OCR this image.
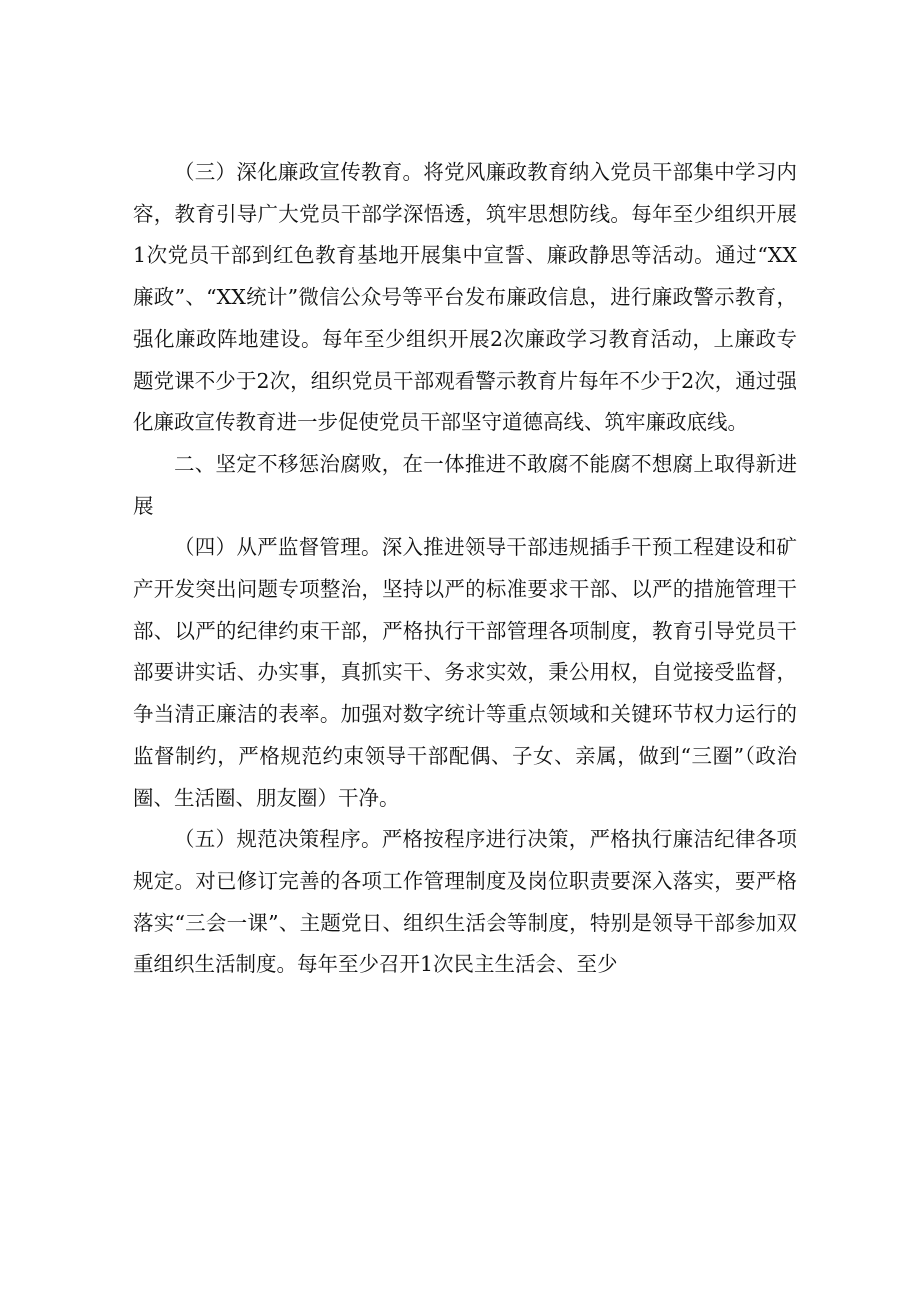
（三）深化廉政宣传教育。将党风廉政教育纳入党员干部集中学习内容，教育引导广大党员干部学深悟透，筑牢思想防线。每年至少组织开展1次党员干部到红色教育基地开展集中宣誓、廉政静思等活动。通过“XX廉政”、“XX统计”微信公众号等平台发布廉政信息，进行廉政警示教育，强化廉政阵地建设。每年至少组织开展2次廉政学习教育活动，上廉政专题党课不少于2次，组织党员干部观看警示教育片每年不少于2次，通过强化廉政宣传教育进一步促使党员干部坚守道德高线、筑牢廉政底线。

二、坚定不移惩治腐败，在一体推进不敢腐不能腐不想腐上取得新进展

（四）从严监督管理。深入推进领导干部违规插手干预工程建设和矿产开发突出问题专项整治，坚持以严的标准要求干部、以严的措施管理干部、以严的纪律约束干部，严格执行干部管理各项制度，教育引导党员干部要讲实话、办实事，真抓实干、务求实效，秉公用权，自觉接受监督，争当清正廉洁的表率。加强对数字统计等重点领域和关键环节权力运行的监督制约，严格规范约束领导干部配偶、子女、亲属，做到“三圈”（政治圈、生活圈、朋友圈）干净。

（五）规范决策程序。严格按程序进行决策，严格执行廉洁纪律各项规定。对已修订完善的各项工作管理制度及岗位职责要深入落实，要严格落实“三会一课”、主题党日、组织生活会等制度，特别是领导干部参加双重组织生活制度。每年至少召开1次民主生活会、至少
